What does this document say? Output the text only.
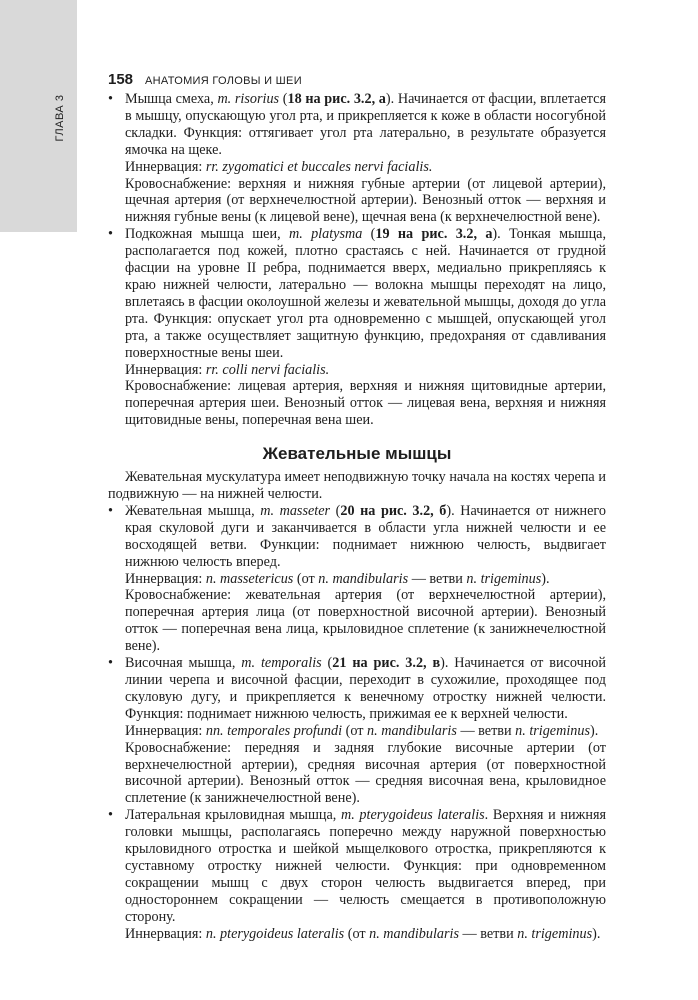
ГЛАВА 3
158 АНАТОМИЯ ГОЛОВЫ И ШЕИ
• Мышца смеха, m. risorius (18 на рис. 3.2, а). Начинается от фасции, вплетается в мышцу, опускающую угол рта, и прикрепляется к коже в области носогубной складки. Функция: оттягивает угол рта латерально, в результате образуется ямочка на щеке.

Иннервация: rr. zygomatici et buccales nervi facialis.

Кровоснабжение: верхняя и нижняя губные артерии (от лицевой артерии), щечная артерия (от верхнечелюстной артерии). Венозный отток — верхняя и нижняя губные вены (к лицевой вене), щечная вена (к верхнечелюстной вене).

• Подкожная мышца шеи, m. platysma (19 на рис. 3.2, а). Тонкая мышца, располагается под кожей, плотно срастаясь с ней. Начинается от грудной фасции на уровне II ребра, поднимается вверх, медиально прикрепляясь к краю нижней челюсти, латерально — волокна мышцы переходят на лицо, вплетаясь в фасции околоушной железы и жевательной мышцы, доходя до угла рта. Функция: опускает угол рта одновременно с мышцей, опускающей угол рта, а также осуществляет защитную функцию, предохраняя от сдавливания поверхностные вены шеи.

Иннервация: rr. colli nervi facialis.

Кровоснабжение: лицевая артерия, верхняя и нижняя щитовидные артерии, поперечная артерия шеи. Венозный отток — лицевая вена, верхняя и нижняя щитовидные вены, поперечная вена шеи.

Жевательные мышцы

Жевательная мускулатура имеет неподвижную точку начала на костях черепа и подвижную — на нижней челюсти.

• Жевательная мышца, m. masseter (20 на рис. 3.2, б). Начинается от нижнего края скуловой дуги и заканчивается в области угла нижней челюсти и ее восходящей ветви. Функции: поднимает нижнюю челюсть, выдвигает нижнюю челюсть вперед.

Иннервация: n. massetericus (от n. mandibularis — ветви n. trigeminus).

Кровоснабжение: жевательная артерия (от верхнечелюстной артерии), поперечная артерия лица (от поверхностной височной артерии). Венозный отток — поперечная вена лица, крыловидное сплетение (к занижнечелюстной вене).

• Височная мышца, m. temporalis (21 на рис. 3.2, в). Начинается от височной линии черепа и височной фасции, переходит в сухожилие, проходящее под скуловую дугу, и прикрепляется к венечному отростку нижней челюсти. Функция: поднимает нижнюю челюсть, прижимая ее к верхней челюсти.

Иннервация: nn. temporales profundi (от n. mandibularis — ветви n. trigeminus).

Кровоснабжение: передняя и задняя глубокие височные артерии (от верхнечелюстной артерии), средняя височная артерия (от поверхностной височной артерии). Венозный отток — средняя височная вена, крыловидное сплетение (к занижнечелюстной вене).

• Латеральная крыловидная мышца, m. pterygoideus lateralis. Верхняя и нижняя головки мышцы, располагаясь поперечно между наружной поверхностью крыловидного отростка и шейкой мыщелкового отростка, прикрепляются к суставному отростку нижней челюсти. Функция: при одновременном сокращении мышц с двух сторон челюсть выдвигается вперед, при одностороннем сокращении — челюсть смещается в противоположную сторону.

Иннервация: n. pterygoideus lateralis (от n. mandibularis — ветви n. trigeminus).
